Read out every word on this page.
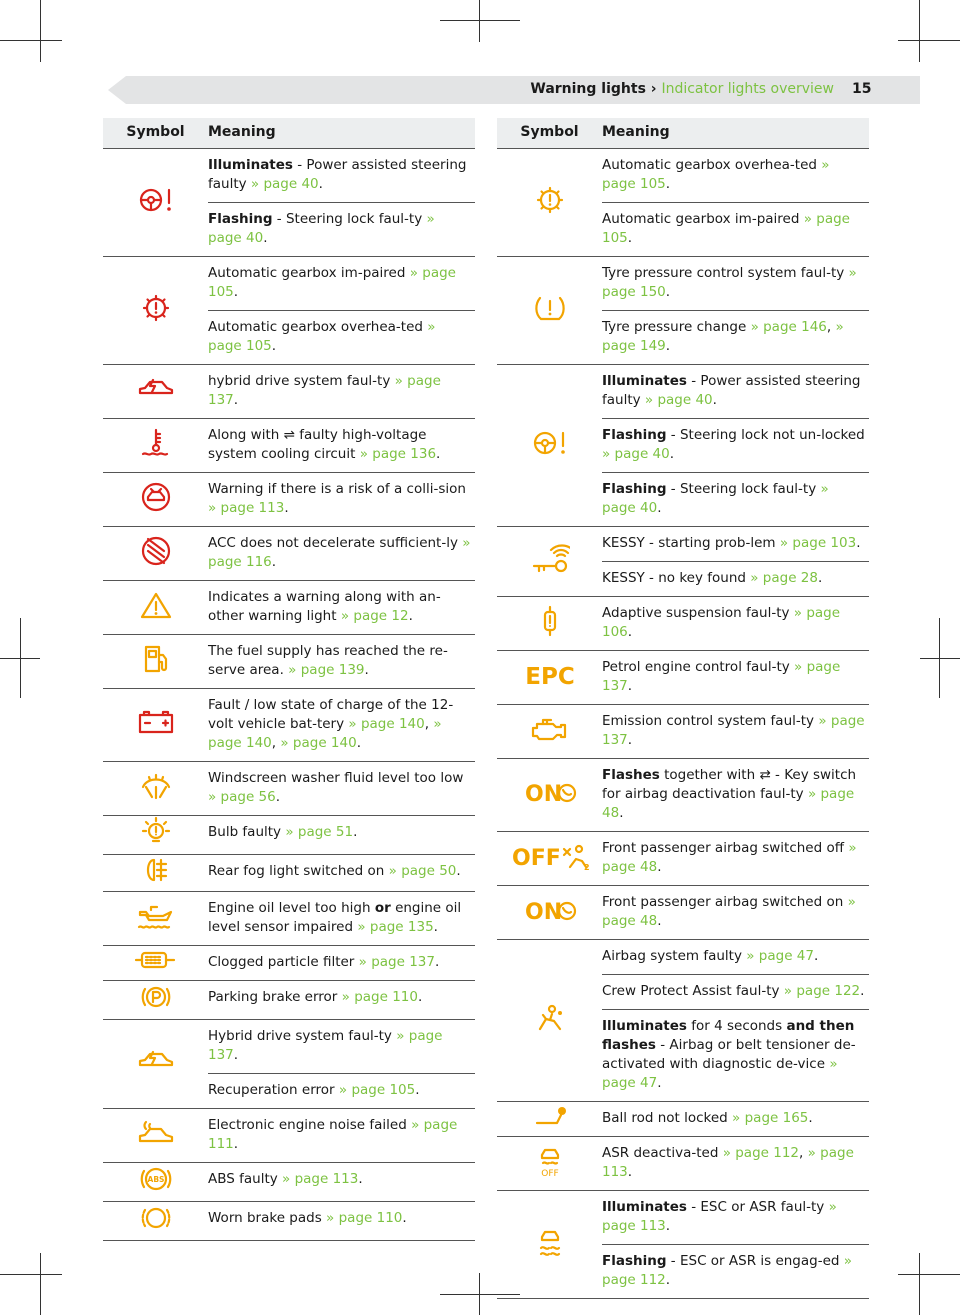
Warning lights › Indicator lights overview 15
Symbol	Meaning
	Illuminates - Power assisted steering faulty » page 40.
	Flashing - Steering lock faul-ty » page 40.
	Automatic gearbox im-paired » page 105.
	Automatic gearbox overhea-ted » page 105.
	hybrid drive system faul-ty » page 137.
	Along with ⇌ faulty high-voltage system cooling circuit » page 136.
	Warning if there is a risk of a colli-sion » page 113.
	ACC does not decelerate sufficient-ly » page 116.
	Indicates a warning along with an-other warning light » page 12.
	The fuel supply has reached the re-serve area. » page 139.
	Fault / low state of charge of the 12-volt vehicle bat-tery » page 140, » page 140, » page 140.
	Windscreen washer fluid level too low » page 56.
	Bulb faulty » page 51.
	Rear fog light switched on » page 50.
	Engine oil level too high or engine oil level sensor impaired » page 135.
	Clogged particle filter » page 137.
	Parking brake error » page 110.
	Hybrid drive system faul-ty » page 137.
	Recuperation error » page 105.
	Electronic engine noise failed » page 111.

ABS	ABS faulty » page 113.
	Worn brake pads » page 110.
Symbol	Meaning
	Automatic gearbox overhea-ted » page 105.
	Automatic gearbox im-paired » page 105.
	Tyre pressure control system faul-ty » page 150.
	Tyre pressure change » page 146, » page 149.
	Illuminates - Power assisted steering faulty » page 40.
	Flashing - Steering lock not un-locked » page 40.
	Flashing - Steering lock faul-ty » page 40.
	KESSY - starting prob-lem » page 103.
	KESSY - no key found » page 28.
	Adaptive suspension faul-ty » page 106.

EPC	Petrol engine control faul-ty » page 137.
	Emission control system faul-ty » page 137.

ON	Flashes together with ⇄ - Key switch for airbag deactivation faul-ty » page 48.

OFF 2	Front passenger airbag switched off » page 48.

ON	Front passenger airbag switched on » page 48.
	Airbag system faulty » page 47.
	Crew Protect Assist faul-ty » page 122.
	Illuminates for 4 seconds and then flashes - Airbag or belt tensioner de-activated with diagnostic de-vice » page 47.
	Ball rod not locked » page 165.

OFF	ASR deactiva-ted » page 112, » page 113.
	Illuminates - ESC or ASR faul-ty » page 113.
	Flashing - ESC or ASR is engag-ed » page 112.
